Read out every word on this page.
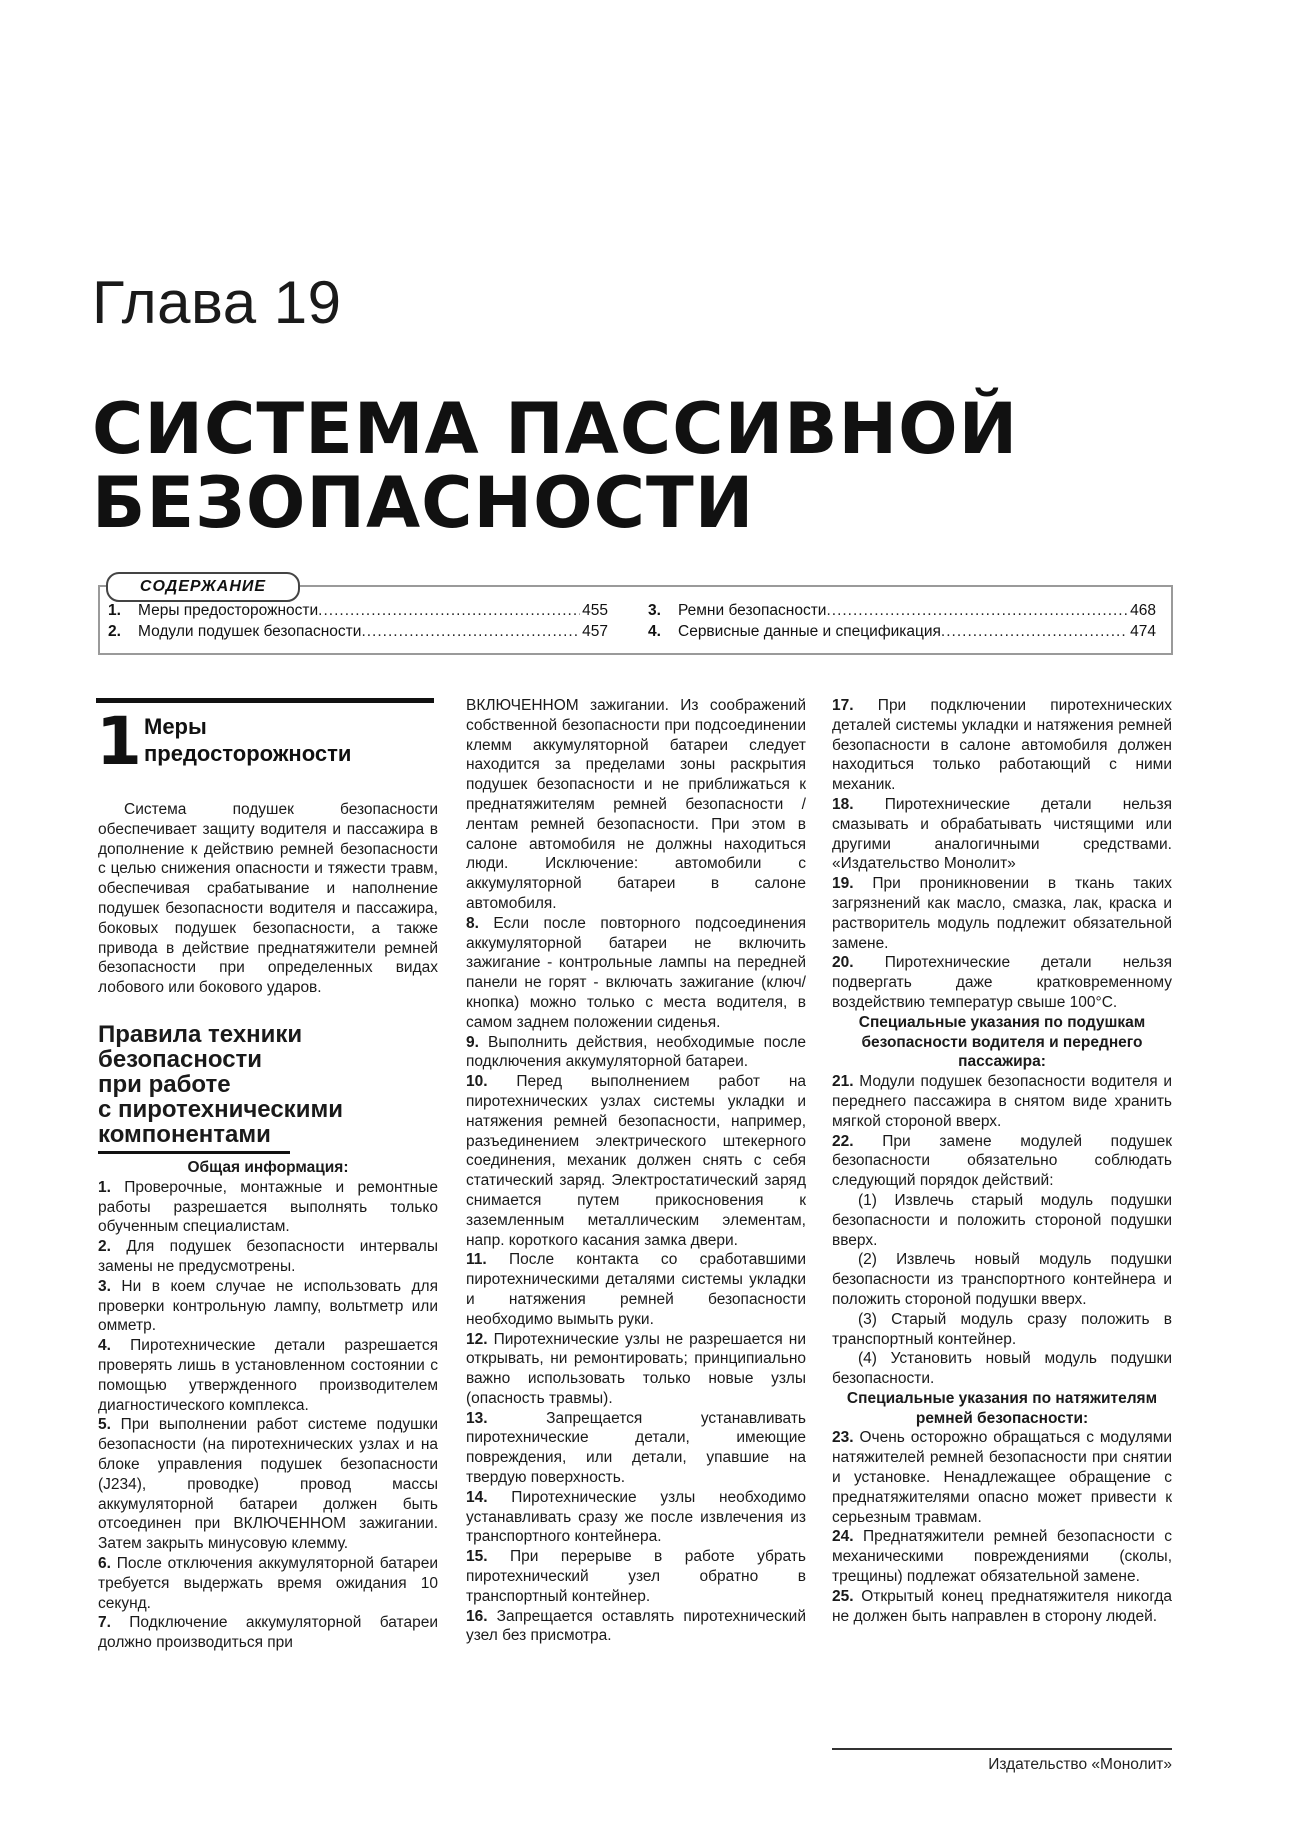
Глава 19
СИСТЕМА ПАССИВНОЙ
БЕЗОПАСНОСТИ
СОДЕРЖАНИЕ
1.	Меры предосторожности .....	455
2.	Модули подушек безопасности .....	457
3.	Ремни безопасности .....	468
4.	Сервисные данные и спецификация .....	474
1 Меры
предосторожности

Система подушек безопасности обеспечивает защиту водителя и пассажира в дополнение к действию ремней безопасности с целью снижения опасности и тяжести травм, обеспечивая срабатывание и наполнение подушек безопасности водителя и пассажира, боковых подушек безопасности, а также привода в действие преднатяжители ремней безопасности при определенных видах лобового или бокового ударов.

Правила техники
безопасности
при работе
с пиротехническими
компонентами

Общая информация:

1. Проверочные, монтажные и ремонтные работы разрешается выполнять только обученным специалистам.

2. Для подушек безопасности интервалы замены не предусмотрены.

3. Ни в коем случае не использовать для проверки контрольную лампу, вольтметр или омметр.

4. Пиротехнические детали разрешается проверять лишь в установленном состоянии с помощью утвержденного производителем диагностического комплекса.

5. При выполнении работ системе подушки безопасности (на пиротехнических узлах и на блоке управления подушек безопасности (J234), проводке) провод массы аккумуляторной батареи должен быть отсоединен при ВКЛЮЧЕННОМ зажигании. Затем закрыть минусовую клемму.

6. После отключения аккумуляторной батареи требуется выдержать время ожидания 10 секунд.

7. Подключение аккумуляторной батареи должно производиться при

ВКЛЮЧЕННОМ зажигании. Из соображений собственной безопасности при подсоединении клемм аккумуляторной батареи следует находится за пределами зоны раскрытия подушек безопасности и не приближаться к преднатяжителям ремней безопасности / лентам ремней безопасности. При этом в салоне автомобиля не должны находиться люди. Исключение: автомобили с аккумуляторной батареи в салоне автомобиля.

8. Если после повторного подсоединения аккумуляторной батареи не включить зажигание - контрольные лампы на передней панели не горят - включать зажигание (ключ/кнопка) можно только с места водителя, в самом заднем положении сиденья.

9. Выполнить действия, необходимые после подключения аккумуляторной батареи.

10. Перед выполнением работ на пиротехнических узлах системы укладки и натяжения ремней безопасности, например, разъединением электрического штекерного соединения, механик должен снять с себя статический заряд. Электростатический заряд снимается путем прикосновения к заземленным металлическим элементам, напр. короткого касания замка двери.

11. После контакта со сработавшими пиротехническими деталями системы укладки и натяжения ремней безопасности необходимо вымыть руки.

12. Пиротехнические узлы не разрешается ни открывать, ни ремонтировать; принципиально важно использовать только новые узлы (опасность травмы).

13.	Запрещается устанавливать пиротехнические детали, имеющие повреждения, или детали, упавшие на твердую поверхность.

14. Пиротехнические узлы необходимо устанавливать сразу же после извлечения из транспортного контейнера.

15. При перерыве в работе убрать пиротехнический узел обратно в транспортный контейнер.

16. Запрещается оставлять пиротехнический узел без присмотра.

17. При подключении пиротехнических деталей системы укладки и натяжения ремней безопасности в салоне автомобиля должен находиться только работающий с ними механик.

18. Пиротехнические детали нельзя смазывать и обрабатывать чистящими или другими аналогичными средствами. «Издательство Монолит»

19. При проникновении в ткань таких загрязнений как масло, смазка, лак, краска и растворитель модуль подлежит обязательной замене.

20. Пиротехнические детали нельзя подвергать даже кратковременному воздействию температур свыше 100°С.

Специальные указания по подушкам безопасности водителя и переднего пассажира:

21. Модули подушек безопасности водителя и переднего пассажира в снятом виде хранить мягкой стороной вверх.

22. При замене модулей подушек безопасности обязательно соблюдать следующий порядок действий:

(1) Извлечь старый модуль подушки безопасности и положить стороной подушки вверх.

(2) Извлечь новый модуль подушки безопасности из транспортного контейнера и положить стороной подушки вверх.

(3) Старый модуль сразу положить в транспортный контейнер.

(4) Установить новый модуль подушки безопасности.

Специальные указания по натяжителям ремней безопасности:

23. Очень осторожно обращаться с модулями натяжителей ремней безопасности при снятии и установке. Ненадлежащее обращение с преднатяжителями опасно может привести к серьезным травмам.

24. Преднатяжители ремней безопасности с механическими повреждениями (сколы, трещины) подлежат обязательной замене.

25. Открытый конец преднатяжителя никогда не должен быть направлен в сторону людей.

Издательство «Монолит»
